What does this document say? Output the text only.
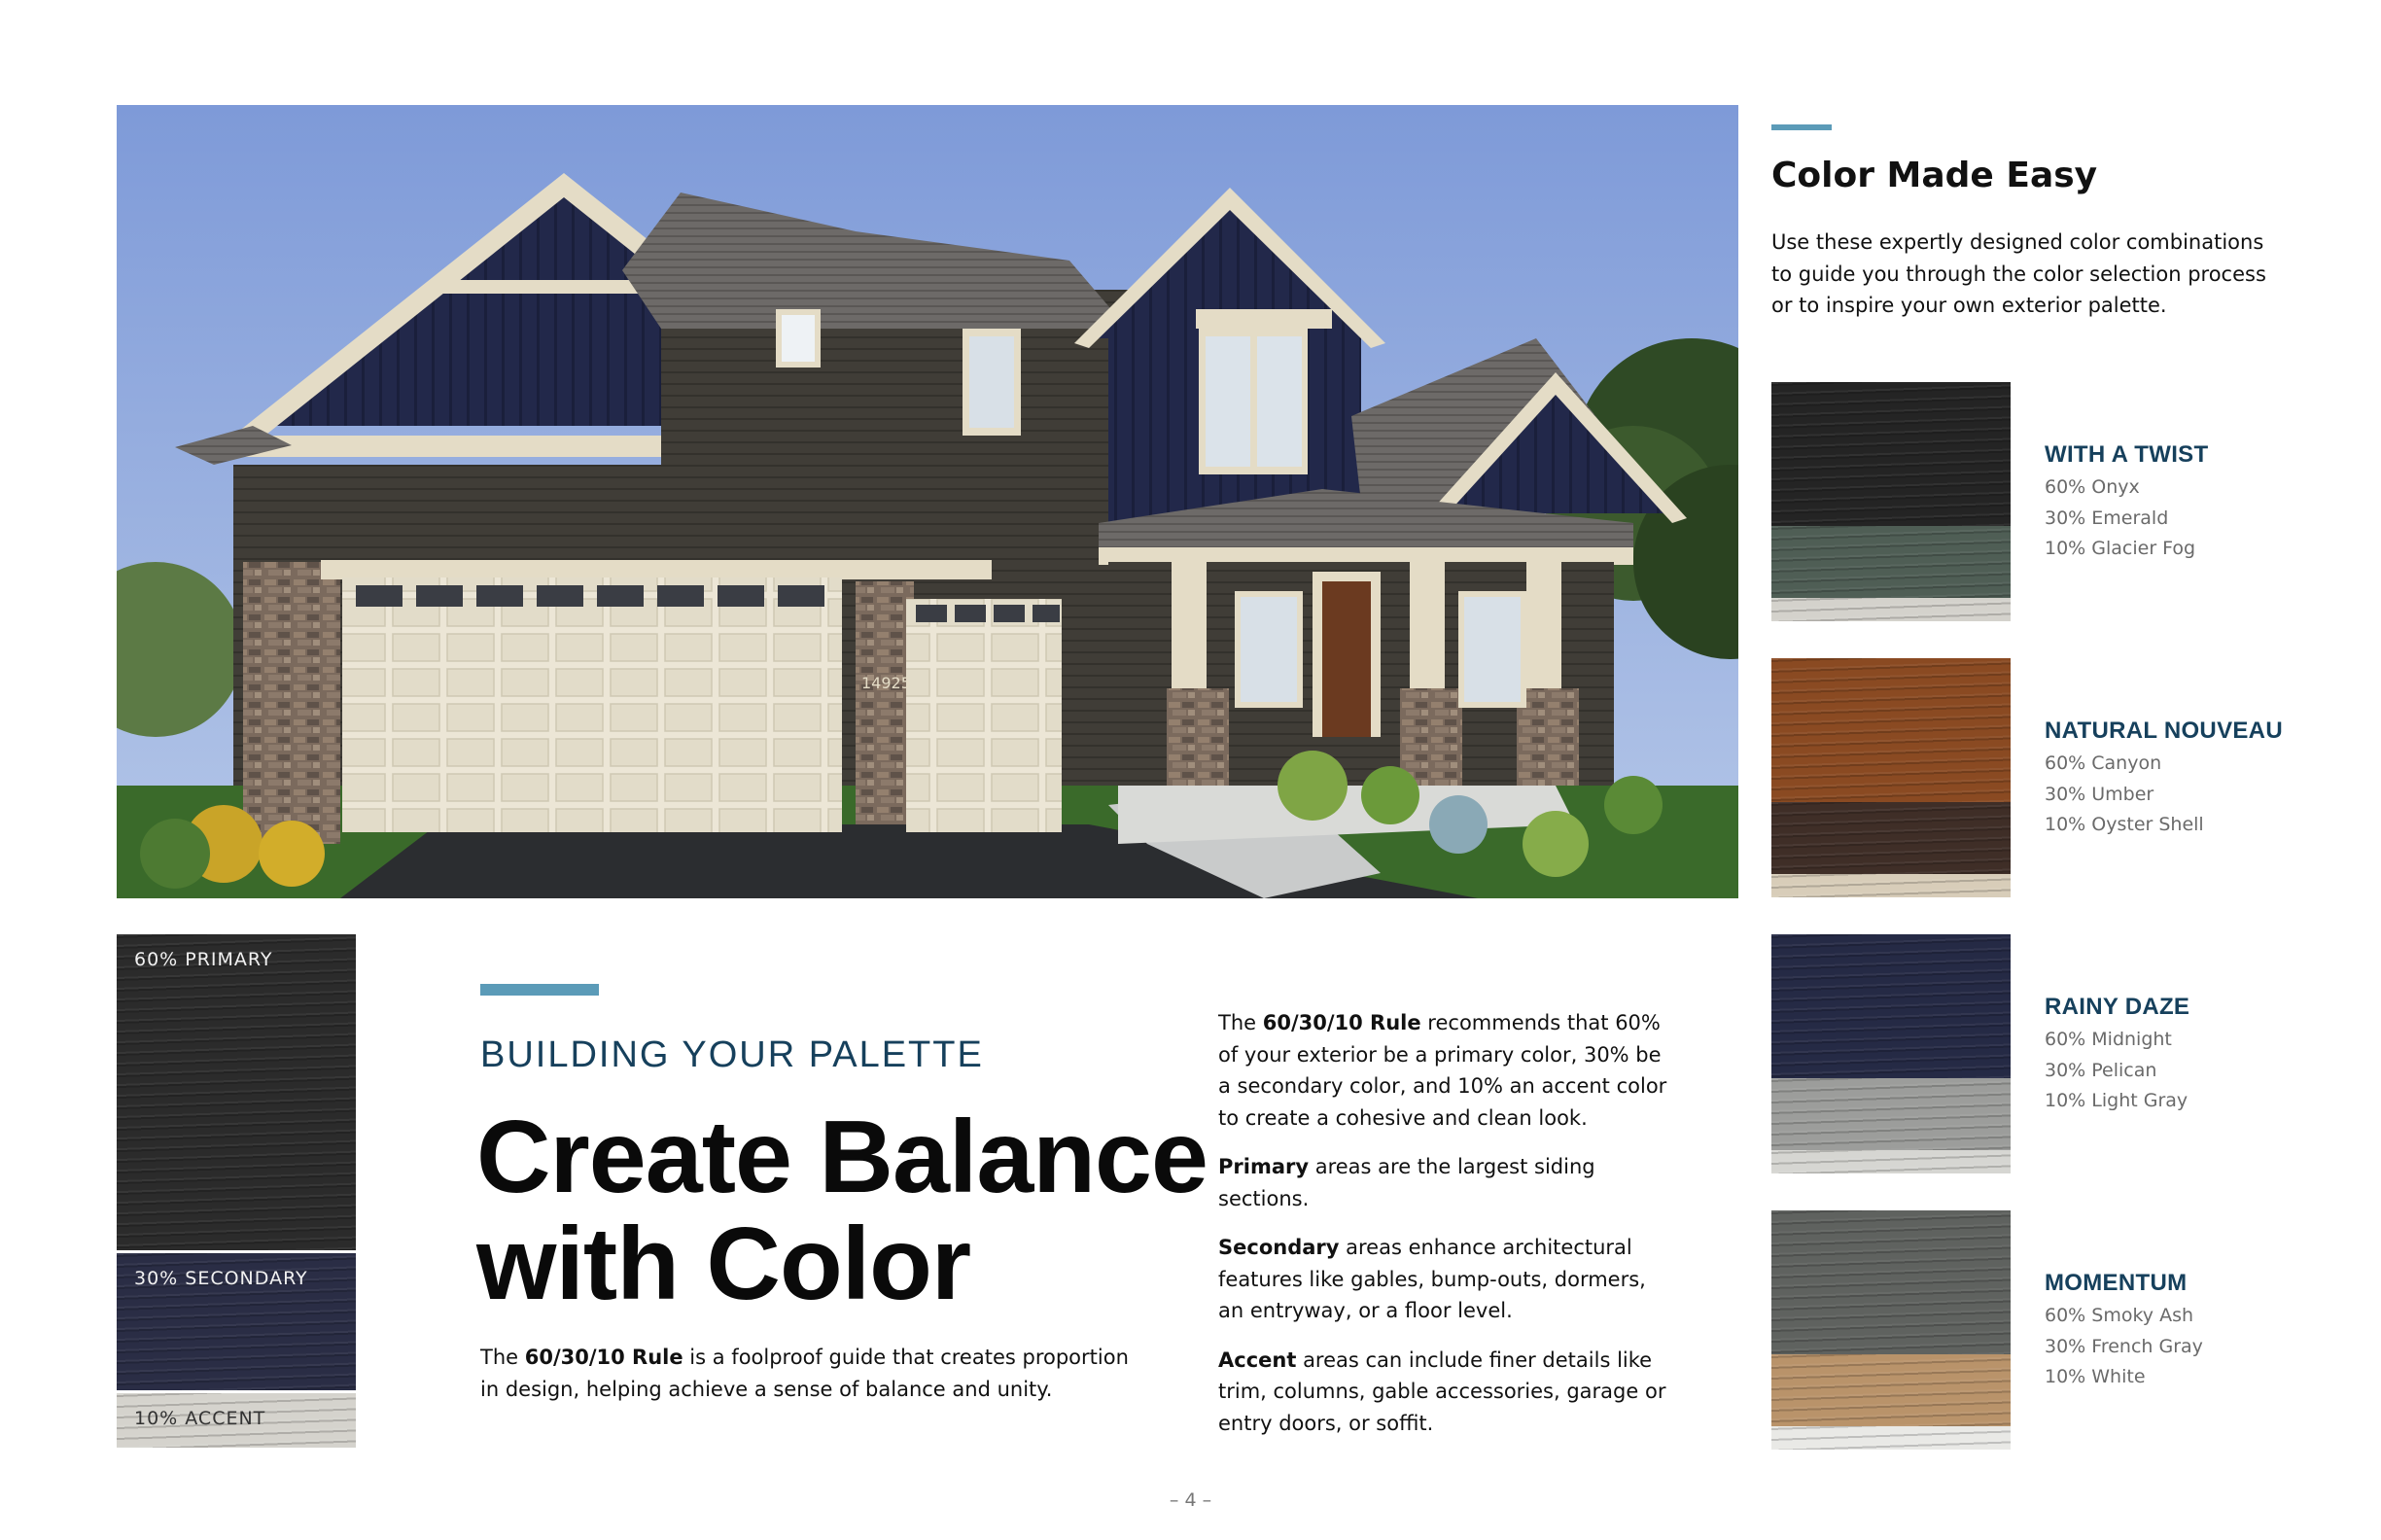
14925
Color Made Easy
Use these expertly designed color combinations to guide you through the color selection process or to inspire your own exterior palette.
WITH A TWIST
60% Onyx
30% Emerald
10% Glacier Fog
NATURAL NOUVEAU
60% Canyon
30% Umber
10% Oyster Shell
RAINY DAZE
60% Midnight
30% Pelican
10% Light Gray
MOMENTUM
60% Smoky Ash
30% French Gray
10% White
60% PRIMARY
30% SECONDARY
10% ACCENT
BUILDING YOUR PALETTE
Create Balance
with Color
The 60/30/10 Rule is a foolproof guide that creates proportion in design, helping achieve a sense of balance and unity.

The 60/30/10 Rule recommends that 60% of your exterior be a primary color, 30% be a secondary color, and 10% an accent color to create a cohesive and clean look.

Primary areas are the largest siding sections.

Secondary areas enhance architectural features like gables, bump-outs, dormers, an entryway, or a floor level.

Accent areas can include finer details like trim, columns, gable accessories, garage or entry doors, or soffit.

– 4 –
